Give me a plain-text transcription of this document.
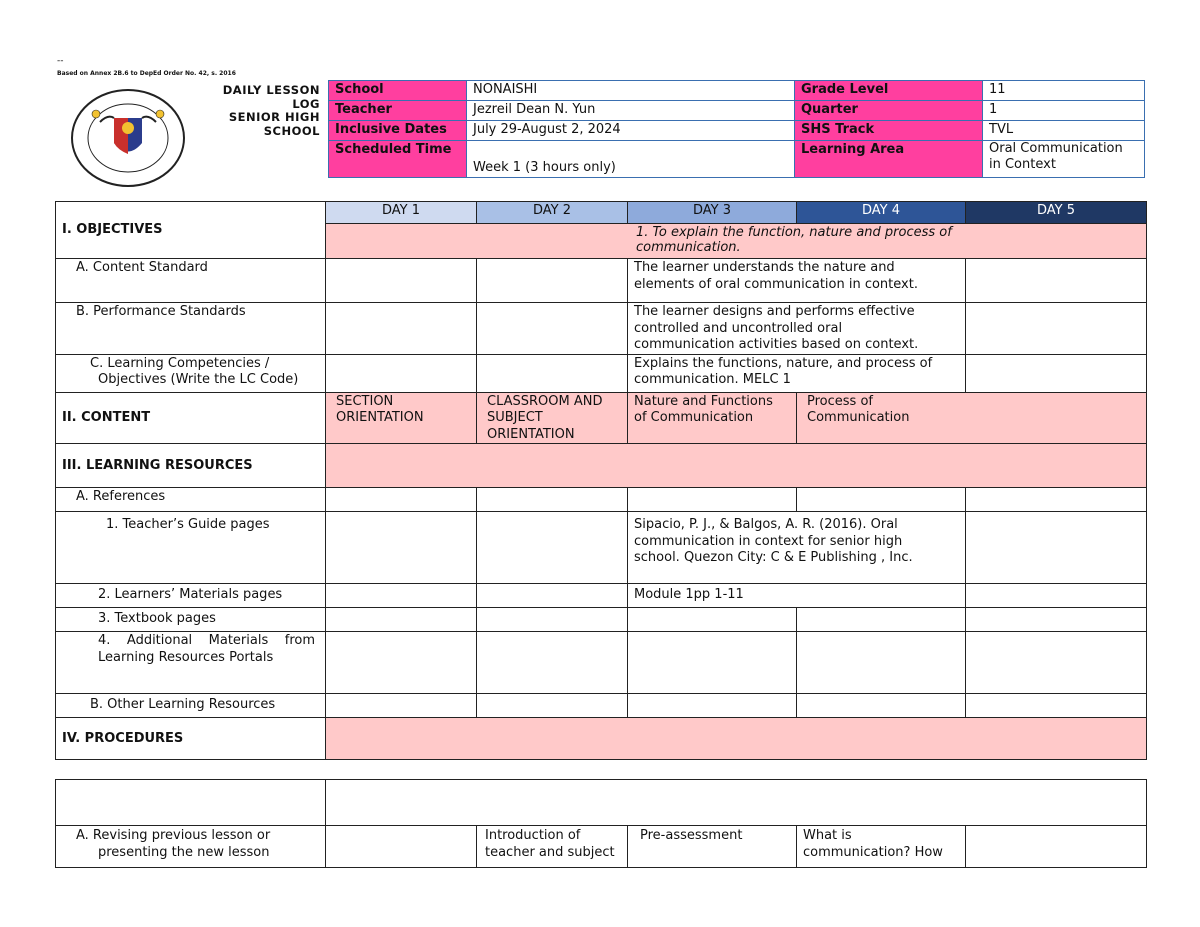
--
Based on Annex 2B.6 to DepEd Order No. 42, s. 2016
DAILY LESSON
LOG
SENIOR HIGH
SCHOOL
School	NONAISHI	Grade Level	11
Teacher	Jezreil Dean N. Yun	Quarter	1
Inclusive Dates	July 29-August 2, 2024	SHS Track	TVL
Scheduled Time	Week 1 (3 hours only)	Learning Area	Oral Communication in Context
I. OBJECTIVES	DAY 1	DAY 2	DAY 3	DAY 4	DAY 5
	1. To explain the function, nature and process of communication.				
A. Content Standard			The learner understands the nature and elements of oral communication in context.		
B. Performance Standards			The learner designs and performs effective controlled and uncontrolled oral communication activities based on context.		

C. Learning Competencies /
Objectives (Write the LC Code)			Explains the functions, nature, and process of communication. MELC 1		
II. CONTENT	SECTION ORIENTATION	CLASSROOM AND SUBJECT ORIENTATION	Nature and Functions of Communication	Process of Communication	
III. LEARNING RESOURCES					
A. References					
1. Teacher’s Guide pages			Sipacio, P. J., & Balgos, A. R. (2016). Oral communication in context for senior high school. Quezon City: C & E Publishing , Inc.		
2. Learners’ Materials pages			Module 1pp 1-11		
3. Textbook pages					
4. Additional Materials from Learning Resources Portals					
B. Other Learning Resources					
IV. PROCEDURES					

A. Revising previous lesson or
presenting the new lesson		Introduction of teacher and subject	Pre-assessment	What is communication? How	
